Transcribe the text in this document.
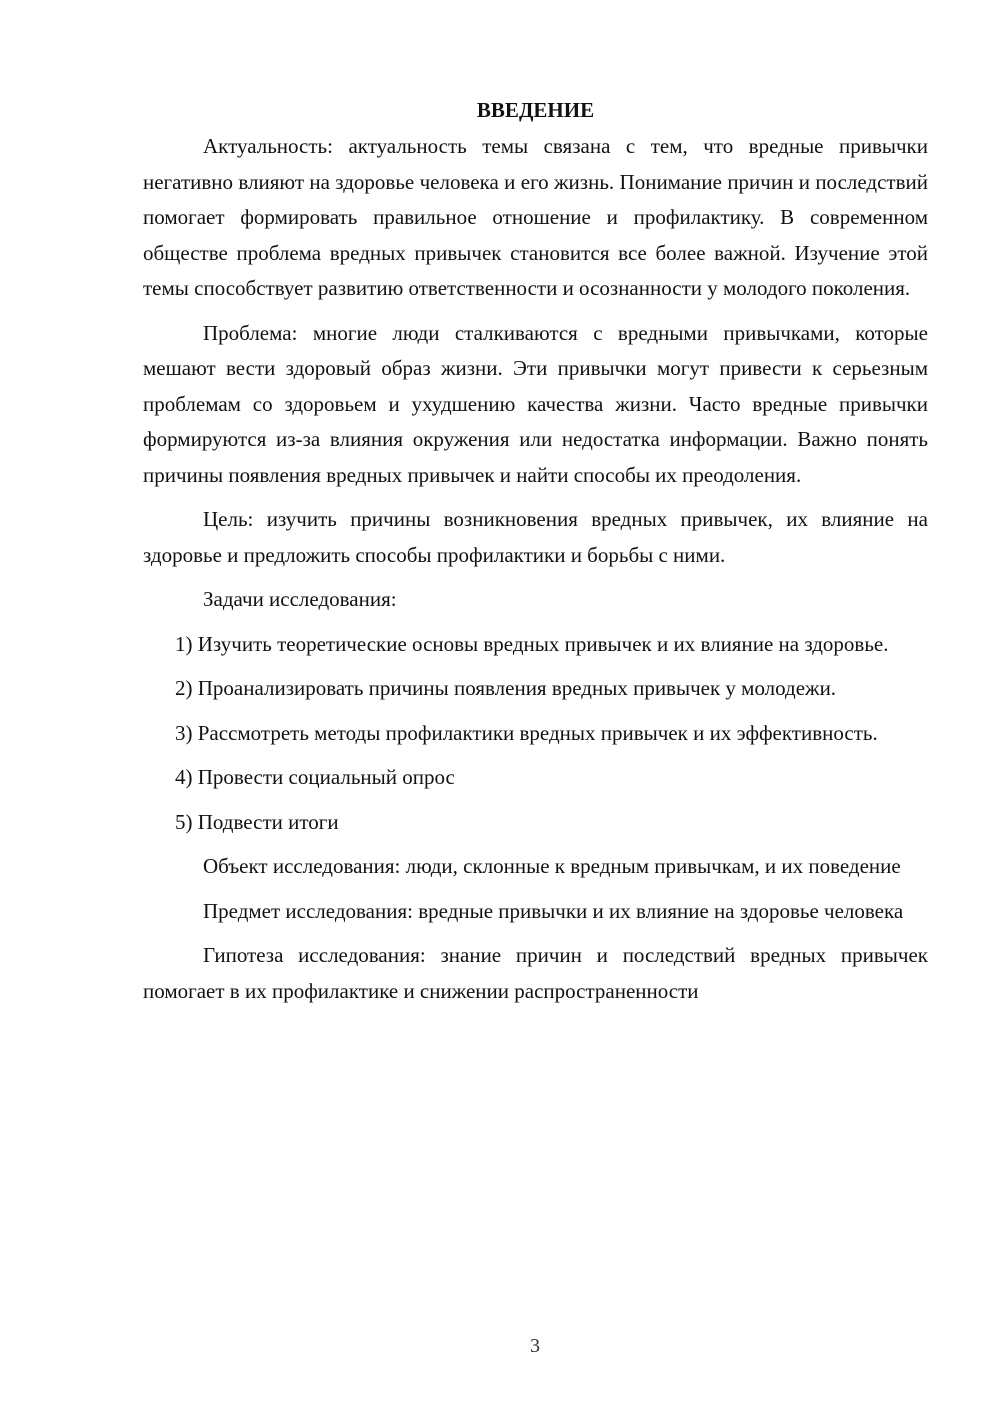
ВВЕДЕНИЕ

Актуальность: актуальность темы связана с тем, что вредные привычки негативно влияют на здоровье человека и его жизнь. Понимание причин и последствий помогает формировать правильное отношение и профилактику. В современном обществе проблема вредных привычек становится все более важной. Изучение этой темы способствует развитию ответственности и осознанности у молодого поколения.

Проблема: многие люди сталкиваются с вредными привычками, которые мешают вести здоровый образ жизни. Эти привычки могут привести к серьезным проблемам со здоровьем и ухудшению качества жизни. Часто вредные привычки формируются из-за влияния окружения или недостатка информации. Важно понять причины появления вредных привычек и найти способы их преодоления.

Цель: изучить причины возникновения вредных привычек, их влияние на здоровье и предложить способы профилактики и борьбы с ними.

Задачи исследования:

1) Изучить теоретические основы вредных привычек и их влияние на здоровье.

2) Проанализировать причины появления вредных привычек у молодежи.

3) Рассмотреть методы профилактики вредных привычек и их эффективность.

4) Провести социальный опрос

5) Подвести итоги

Объект исследования: люди, склонные к вредным привычкам, и их поведение

Предмет исследования: вредные привычки и их влияние на здоровье человека

Гипотеза исследования: знание причин и последствий вредных привычек помогает в их профилактике и снижении распространенности

3
